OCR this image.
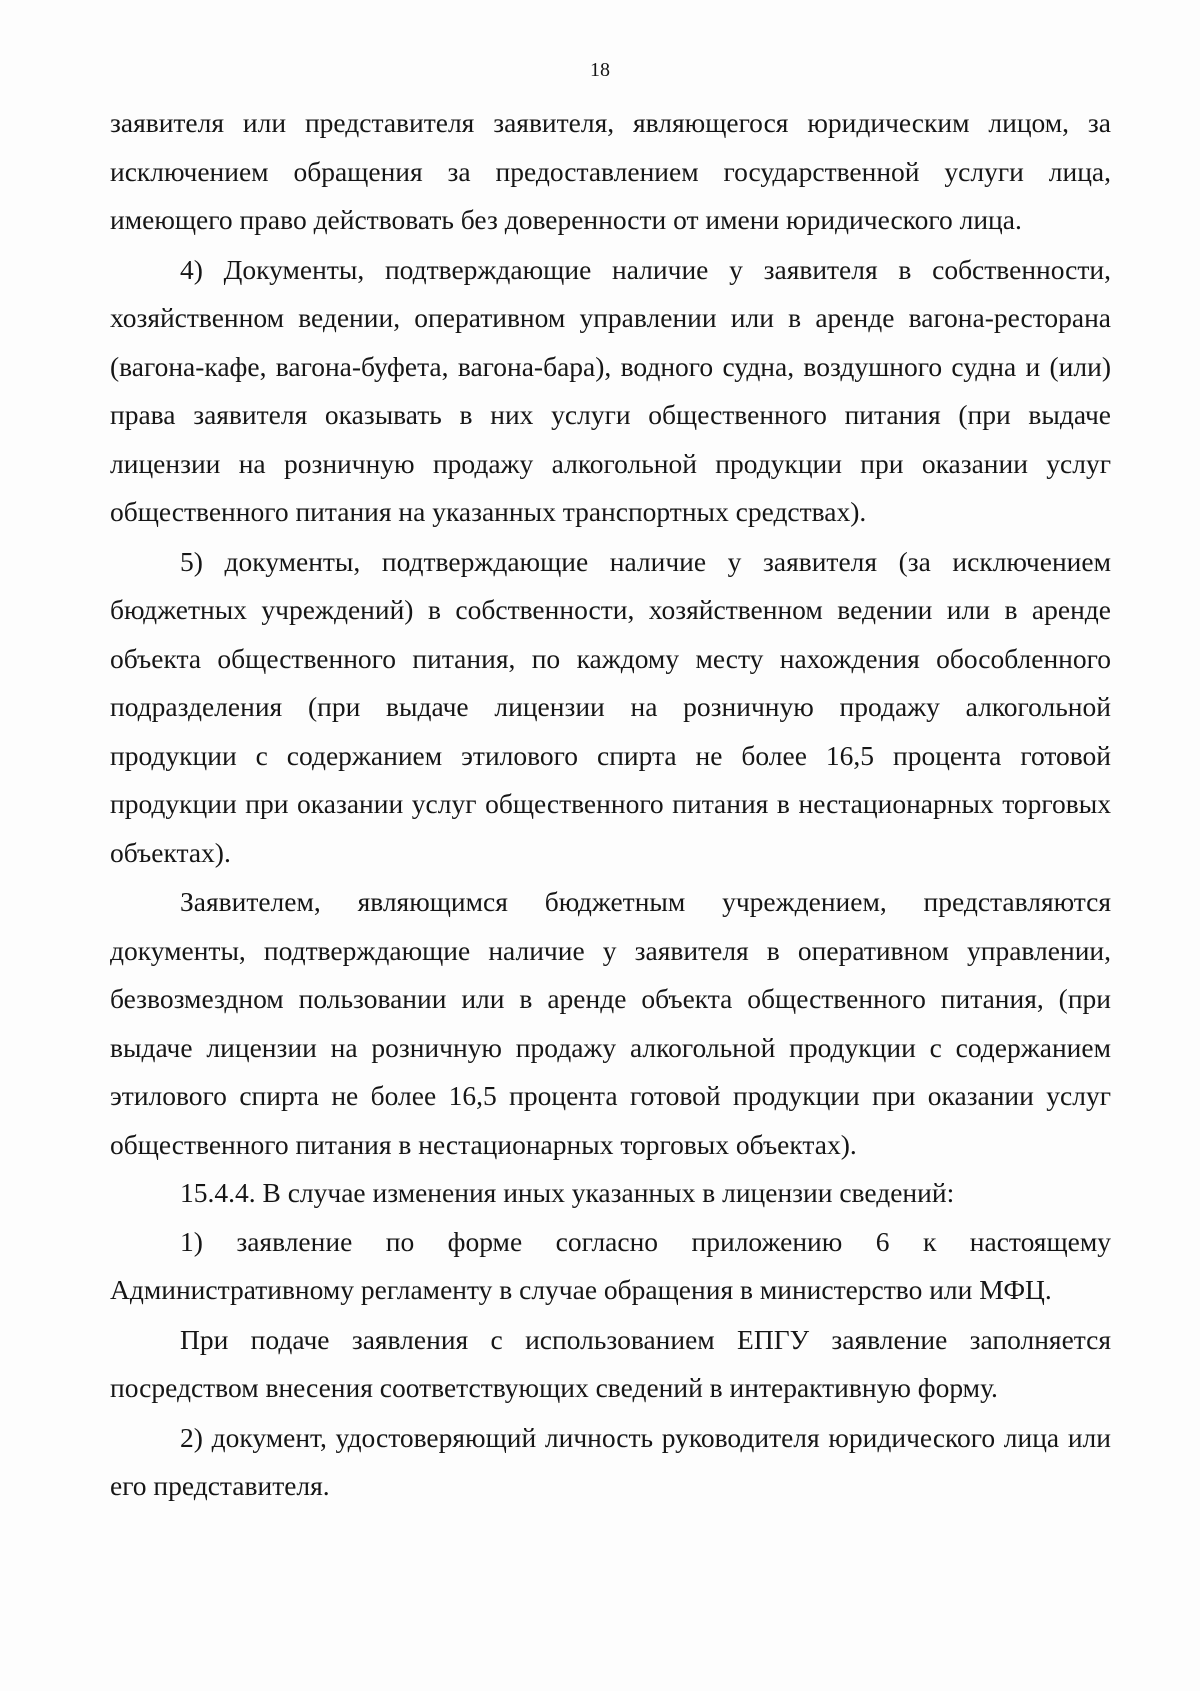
18

заявителя или представителя заявителя, являющегося юридическим лицом, за исключением обращения за предоставлением государственной услуги лица, имеющего право действовать без доверенности от имени юридического лица.

4) Документы, подтверждающие наличие у заявителя в собственности, хозяйственном ведении, оперативном управлении или в аренде вагона-ресторана (вагона-кафе, вагона-буфета, вагона-бара), водного судна, воздушного судна и (или) права заявителя оказывать в них услуги общественного питания (при выдаче лицензии на розничную продажу алкогольной продукции при оказании услуг общественного питания на указанных транспортных средствах).

5) документы, подтверждающие наличие у заявителя (за исключением бюджетных учреждений) в собственности, хозяйственном ведении или в аренде объекта общественного питания, по каждому месту нахождения обособленного подразделения (при выдаче лицензии на розничную продажу алкогольной продукции с содержанием этилового спирта не более 16,5 процента готовой продукции при оказании услуг общественного питания в нестационарных торговых объектах).

Заявителем, являющимся бюджетным учреждением, представляются документы, подтверждающие наличие у заявителя в оперативном управлении, безвозмездном пользовании или в аренде объекта общественного питания, (при выдаче лицензии на розничную продажу алкогольной продукции с содержанием этилового спирта не более 16,5 процента готовой продукции при оказании услуг общественного питания в нестационарных торговых объектах).

15.4.4. В случае изменения иных указанных в лицензии сведений:

1) заявление по форме согласно приложению 6 к настоящему Административному регламенту в случае обращения в министерство или МФЦ.

При подаче заявления с использованием ЕПГУ заявление заполняется посредством внесения соответствующих сведений в интерактивную форму.

2) документ, удостоверяющий личность руководителя юридического лица или его представителя.
